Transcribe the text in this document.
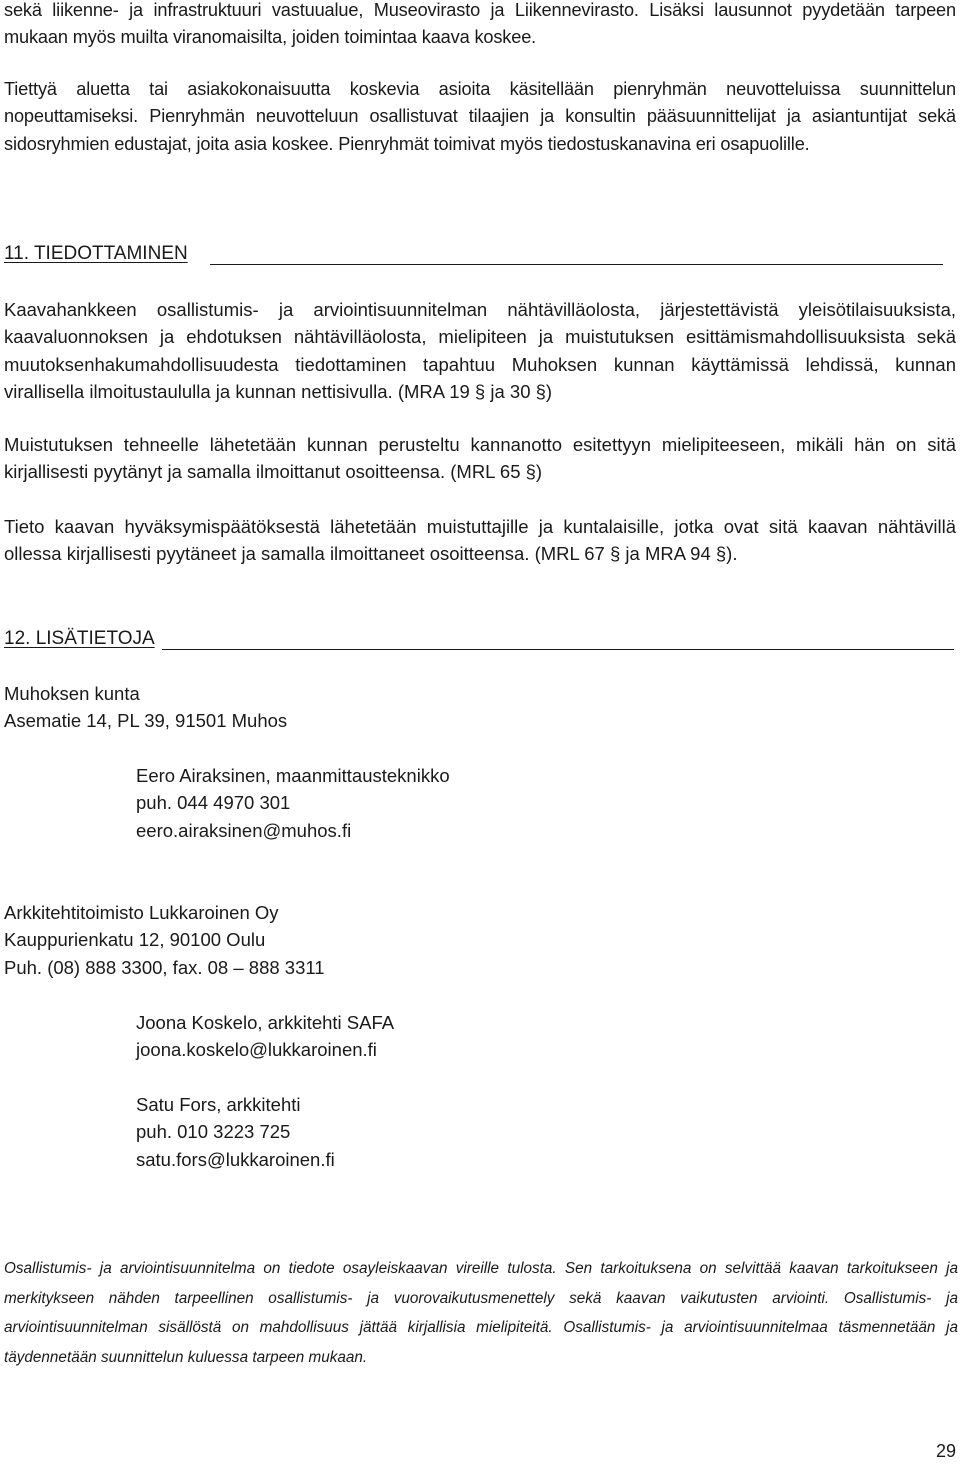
sekä liikenne- ja infrastruktuuri vastuualue, Museovirasto ja Liikennevirasto. Lisäksi lausunnot pyydetään tarpeen mukaan myös muilta viranomaisilta, joiden toimintaa kaava koskee.

Tiettyä aluetta tai asiakokonaisuutta koskevia asioita käsitellään pienryhmän neuvotteluissa suunnittelun nopeuttamiseksi. Pienryhmän neuvotteluun osallistuvat tilaajien ja konsultin pääsuunnittelijat ja asiantuntijat sekä sidosryhmien edustajat, joita asia koskee. Pienryhmät toimivat myös tiedostuskanavina eri osapuolille.

11. TIEDOTTAMINEN

Kaavahankkeen osallistumis- ja arviointisuunnitelman nähtävilläolosta, järjestettävistä yleisötilaisuuksista, kaavaluonnoksen ja ehdotuksen nähtävilläolosta, mielipiteen ja muistutuksen esittämismahdollisuuksista sekä muutoksenhakumahdollisuudesta tiedottaminen tapahtuu Muhoksen kunnan käyttämissä lehdissä, kunnan virallisella ilmoitustaululla ja kunnan nettisivulla. (MRA 19 § ja 30 §)

Muistutuksen tehneelle lähetetään kunnan perusteltu kannanotto esitettyyn mielipiteeseen, mikäli hän on sitä kirjallisesti pyytänyt ja samalla ilmoittanut osoitteensa. (MRL 65 §)

Tieto kaavan hyväksymispäätöksestä lähetetään muistuttajille ja kuntalaisille, jotka ovat sitä kaavan nähtävillä ollessa kirjallisesti pyytäneet ja samalla ilmoittaneet osoitteensa. (MRL 67 § ja MRA 94 §).

12. LISÄTIETOJA

Muhoksen kunta

Asematie 14, PL 39, 91501 Muhos

Eero Airaksinen, maanmittausteknikko

puh. 044 4970 301

eero.airaksinen@muhos.fi

Arkkitehtitoimisto Lukkaroinen Oy

Kauppurienkatu 12, 90100 Oulu

Puh. (08) 888 3300, fax. 08 – 888 3311

Joona Koskelo, arkkitehti SAFA

joona.koskelo@lukkaroinen.fi

Satu Fors, arkkitehti

puh. 010 3223 725

satu.fors@lukkaroinen.fi

Osallistumis- ja arviointisuunnitelma on tiedote osayleiskaavan vireille tulosta. Sen tarkoituksena on selvittää kaavan tarkoitukseen ja merkitykseen nähden tarpeellinen osallistumis- ja vuorovaikutusmenettely sekä kaavan vaikutusten arviointi. Osallistumis- ja arviointisuunnitelman sisällöstä on mahdollisuus jättää kirjallisia mielipiteitä. Osallistumis- ja arviointisuunnitelmaa täsmennetään ja täydennetään suunnittelun kuluessa tarpeen mukaan.

29
